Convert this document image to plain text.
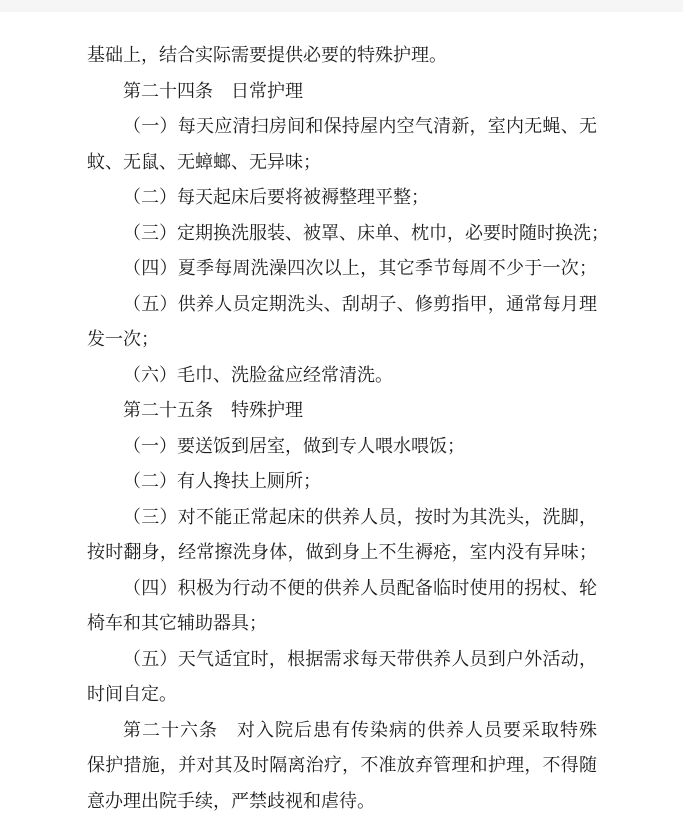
基础上，结合实际需要提供必要的特殊护理。
第二十四条　日常护理
（一）每天应清扫房间和保持屋内空气清新，室内无蝇、无
蚊、无鼠、无蟑螂、无异味；
（二）每天起床后要将被褥整理平整；
（三）定期换洗服装、被罩、床单、枕巾，必要时随时换洗；
（四）夏季每周洗澡四次以上，其它季节每周不少于一次；
（五）供养人员定期洗头、刮胡子、修剪指甲，通常每月理
发一次；
（六）毛巾、洗脸盆应经常清洗。
第二十五条　特殊护理
（一）要送饭到居室，做到专人喂水喂饭；
（二）有人搀扶上厕所；
（三）对不能正常起床的供养人员，按时为其洗头，洗脚，
按时翻身，经常擦洗身体，做到身上不生褥疮，室内没有异味；
（四）积极为行动不便的供养人员配备临时使用的拐杖、轮
椅车和其它辅助器具；
（五）天气适宜时，根据需求每天带供养人员到户外活动，
时间自定。
第二十六条　对入院后患有传染病的供养人员要采取特殊
保护措施，并对其及时隔离治疗，不准放弃管理和护理，不得随
意办理出院手续，严禁歧视和虐待。
